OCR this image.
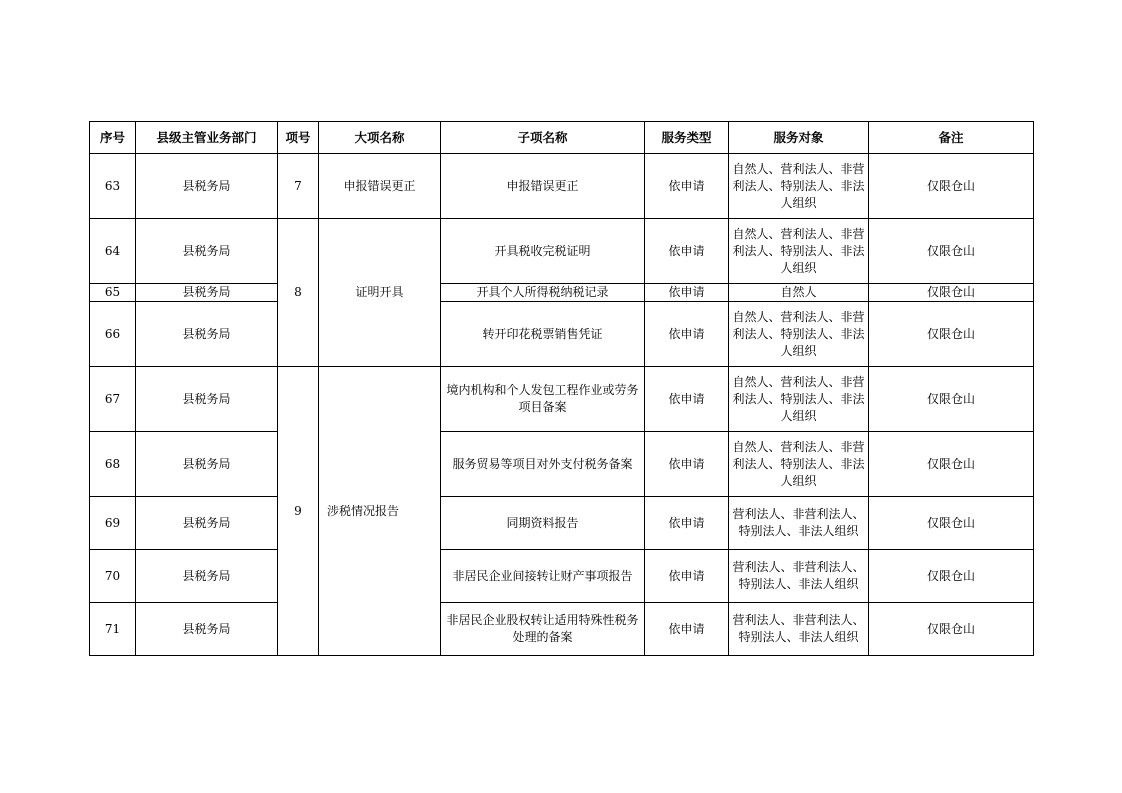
序号	县级主管业务部门	项号	大项名称	子项名称	服务类型	服务对象	备注
63	县税务局	7	申报错误更正	申报错误更正	依申请	自然人、营利法人、非营利法人、特别法人、非法人组织	仅限仓山
64	县税务局	8	证明开具	开具税收完税证明	依申请	自然人、营利法人、非营利法人、特别法人、非法人组织	仅限仓山
65	县税务局			开具个人所得税纳税记录	依申请	自然人	仅限仓山
66	县税务局			转开印花税票销售凭证	依申请	自然人、营利法人、非营利法人、特别法人、非法人组织	仅限仓山
67	县税务局	9	涉税情况报告	境内机构和个人发包工程作业或劳务项目备案	依申请	自然人、营利法人、非营利法人、特别法人、非法人组织	仅限仓山
68	县税务局			服务贸易等项目对外支付税务备案	依申请	自然人、营利法人、非营利法人、特别法人、非法人组织	仅限仓山
69	县税务局			同期资料报告	依申请	营利法人、非营利法人、特别法人、非法人组织	仅限仓山
70	县税务局			非居民企业间接转让财产事项报告	依申请	营利法人、非营利法人、特别法人、非法人组织	仅限仓山
71	县税务局			非居民企业股权转让适用特殊性税务处理的备案	依申请	营利法人、非营利法人、特别法人、非法人组织	仅限仓山
